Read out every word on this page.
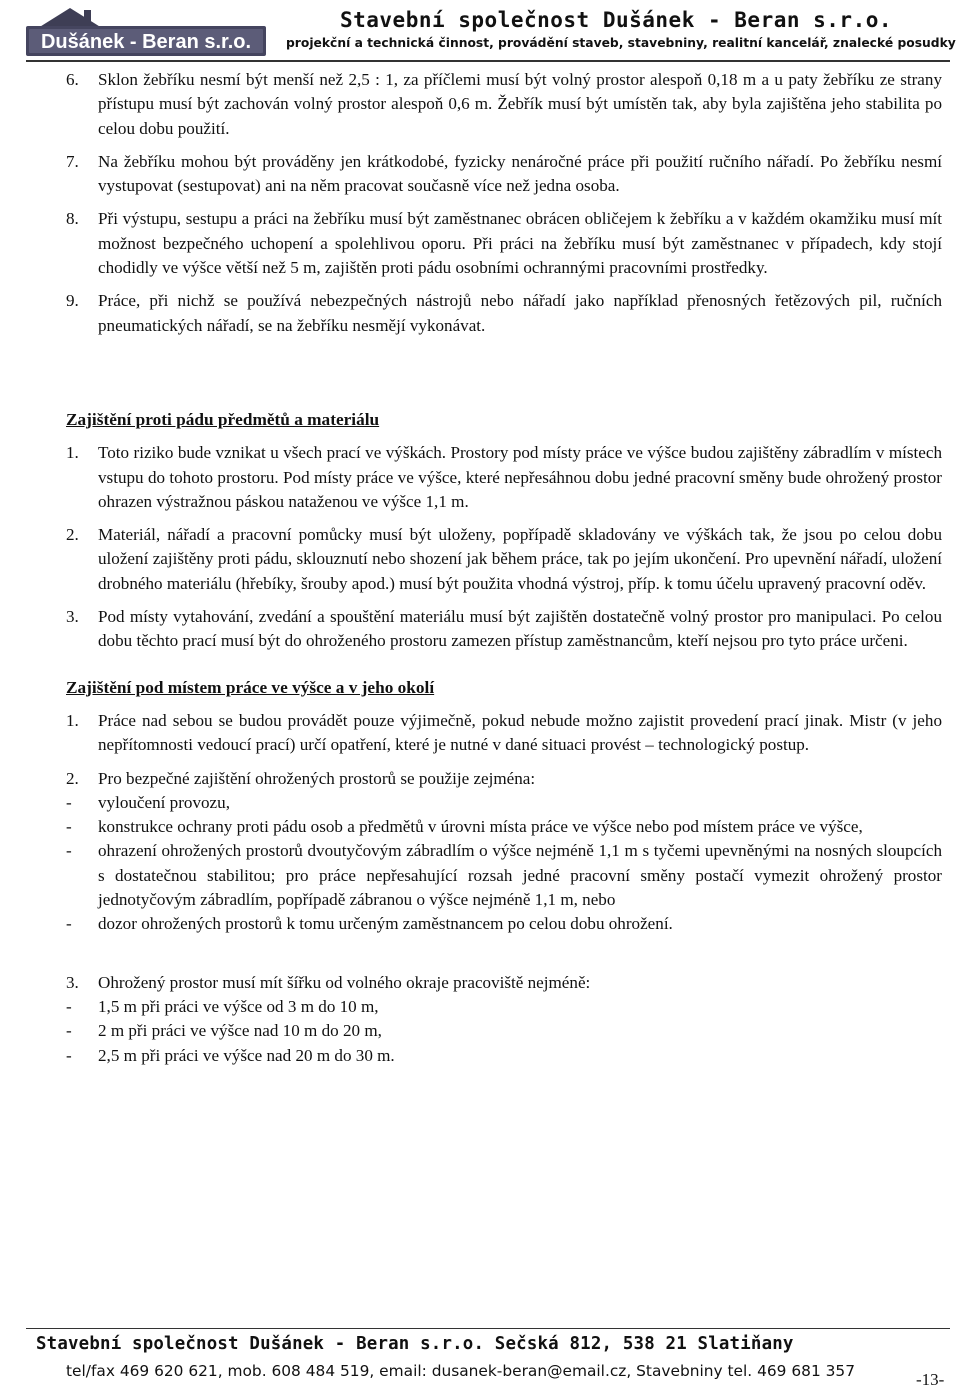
Dušánek - Beran s.r.o.
Stavební společnost Dušánek - Beran s.r.o.
projekční a technická činnost, provádění staveb, stavebniny, realitní kancelář, znalecké posudky

6. Sklon žebříku nesmí být menší než 2,5 : 1, za příčlemi musí být volný prostor alespoň 0,18 m a u paty žebříku ze strany přístupu musí být zachován volný prostor alespoň 0,6 m. Žebřík musí být umístěn tak, aby byla zajištěna jeho stabilita po celou dobu použití.

7. Na žebříku mohou být prováděny jen krátkodobé, fyzicky nenáročné práce při použití ručního nářadí. Po žebříku nesmí vystupovat (sestupovat) ani na něm pracovat současně více než jedna osoba.

8. Při výstupu, sestupu a práci na žebříku musí být zaměstnanec obrácen obličejem k žebříku a v každém okamžiku musí mít možnost bezpečného uchopení a spolehlivou oporu. Při práci na žebříku musí být zaměstnanec v případech, kdy stojí chodidly ve výšce větší než 5 m, zajištěn proti pádu osobními ochrannými pracovními prostředky.

9. Práce, při nichž se používá nebezpečných nástrojů nebo nářadí jako například přenosných řetězových pil, ručních pneumatických nářadí, se na žebříku nesmějí vykonávat.

Zajištění proti pádu předmětů a materiálu

1. Toto riziko bude vznikat u všech prací ve výškách. Prostory pod místy práce ve výšce budou zajištěny zábradlím v místech vstupu do tohoto prostoru. Pod místy práce ve výšce, které nepřesáhnou dobu jedné pracovní směny bude ohrožený prostor ohrazen výstražnou páskou nataženou ve výšce 1,1 m.

2. Materiál, nářadí a pracovní pomůcky musí být uloženy, popřípadě skladovány ve výškách tak, že jsou po celou dobu uložení zajištěny proti pádu, sklouznutí nebo shození jak během práce, tak po jejím ukončení. Pro upevnění nářadí, uložení drobného materiálu (hřebíky, šrouby apod.) musí být použita vhodná výstroj, příp. k tomu účelu upravený pracovní oděv.

3. Pod místy vytahování, zvedání a spouštění materiálu musí být zajištěn dostatečně volný prostor pro manipulaci. Po celou dobu těchto prací musí být do ohroženého prostoru zamezen přístup zaměstnancům, kteří nejsou pro tyto práce určeni.

Zajištění pod místem práce ve výšce a v jeho okolí

1. Práce nad sebou se budou provádět pouze výjimečně, pokud nebude možno zajistit provedení prací jinak. Mistr (v jeho nepřítomnosti vedoucí prací) určí opatření, které je nutné v dané situaci provést – technologický postup.

2. Pro bezpečné zajištění ohrožených prostorů se použije zejména:
- vyloučení provozu,
- konstrukce ochrany proti pádu osob a předmětů v úrovni místa práce ve výšce nebo pod místem práce ve výšce,
- ohrazení ohrožených prostorů dvoutyčovým zábradlím o výšce nejméně 1,1 m s tyčemi upevněnými na nosných sloupcích s dostatečnou stabilitou; pro práce nepřesahující rozsah jedné pracovní směny postačí vymezit ohrožený prostor jednotyčovým zábradlím, popřípadě zábranou o výšce nejméně 1,1 m, nebo
- dozor ohrožených prostorů k tomu určeným zaměstnancem po celou dobu ohrožení.
3. Ohrožený prostor musí mít šířku od volného okraje pracoviště nejméně:
- 1,5 m při práci ve výšce od 3 m do 10 m,
- 2 m při práci ve výšce nad 10 m do 20 m,
- 2,5 m při práci ve výšce nad 20 m do 30 m.
Stavební společnost Dušánek - Beran s.r.o. Sečská 812, 538 21 Slatiňany
tel/fax 469 620 621, mob. 608 484 519, email: dusanek-beran@email.cz, Stavebniny tel. 469 681 357	-13-
